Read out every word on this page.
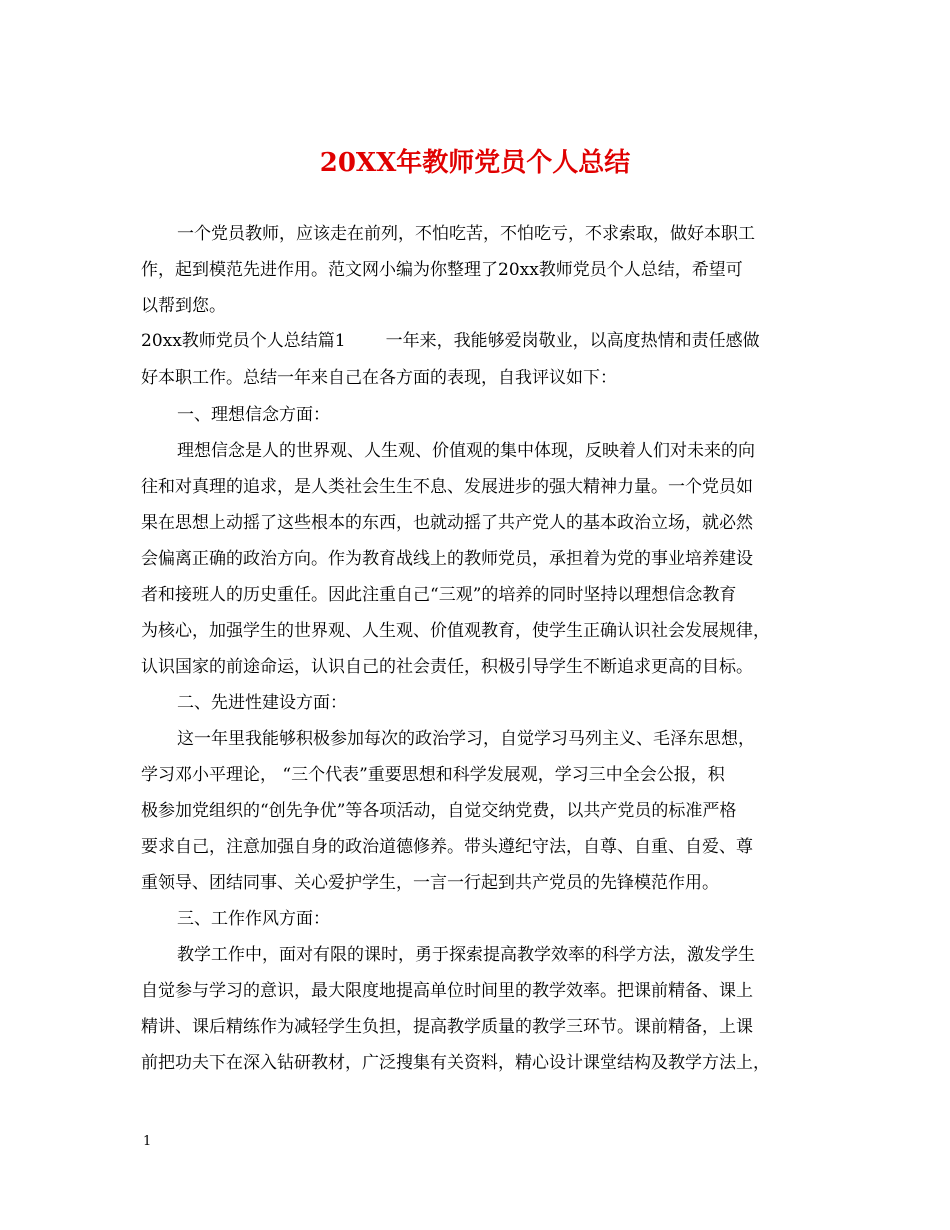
20XX年教师党员个人总结
一个党员教师，应该走在前列，不怕吃苦，不怕吃亏，不求索取，做好本职工
作，起到模范先进作用。范文网小编为你整理了20xx教师党员个人总结，希望可
以帮到您。
20xx教师党员个人总结篇1 一年来，我能够爱岗敬业，以高度热情和责任感做
好本职工作。总结一年来自己在各方面的表现，自我评议如下：
一、理想信念方面：
理想信念是人的世界观、人生观、价值观的集中体现，反映着人们对未来的向
往和对真理的追求，是人类社会生生不息、发展进步的强大精神力量。一个党员如
果在思想上动摇了这些根本的东西，也就动摇了共产党人的基本政治立场，就必然
会偏离正确的政治方向。作为教育战线上的教师党员，承担着为党的事业培养建设
者和接班人的历史重任。因此注重自己“三观”的培养的同时坚持以理想信念教育
为核心，加强学生的世界观、人生观、价值观教育，使学生正确认识社会发展规律，
认识国家的前途命运，认识自己的社会责任，积极引导学生不断追求更高的目标。
二、先进性建设方面：
这一年里我能够积极参加每次的政治学习，自觉学习马列主义、毛泽东思想，
学习邓小平理论， “三个代表”重要思想和科学发展观，学习三中全会公报，积
极参加党组织的“创先争优”等各项活动，自觉交纳党费，以共产党员的标准严格
要求自己，注意加强自身的政治道德修养。带头遵纪守法，自尊、自重、自爱、尊
重领导、团结同事、关心爱护学生，一言一行起到共产党员的先锋模范作用。
三、工作作风方面：
教学工作中，面对有限的课时，勇于探索提高教学效率的科学方法，激发学生
自觉参与学习的意识，最大限度地提高单位时间里的教学效率。把课前精备、课上
精讲、课后精练作为减轻学生负担，提高教学质量的教学三环节。课前精备，上课
前把功夫下在深入钻研教材，广泛搜集有关资料，精心设计课堂结构及教学方法上，
1
